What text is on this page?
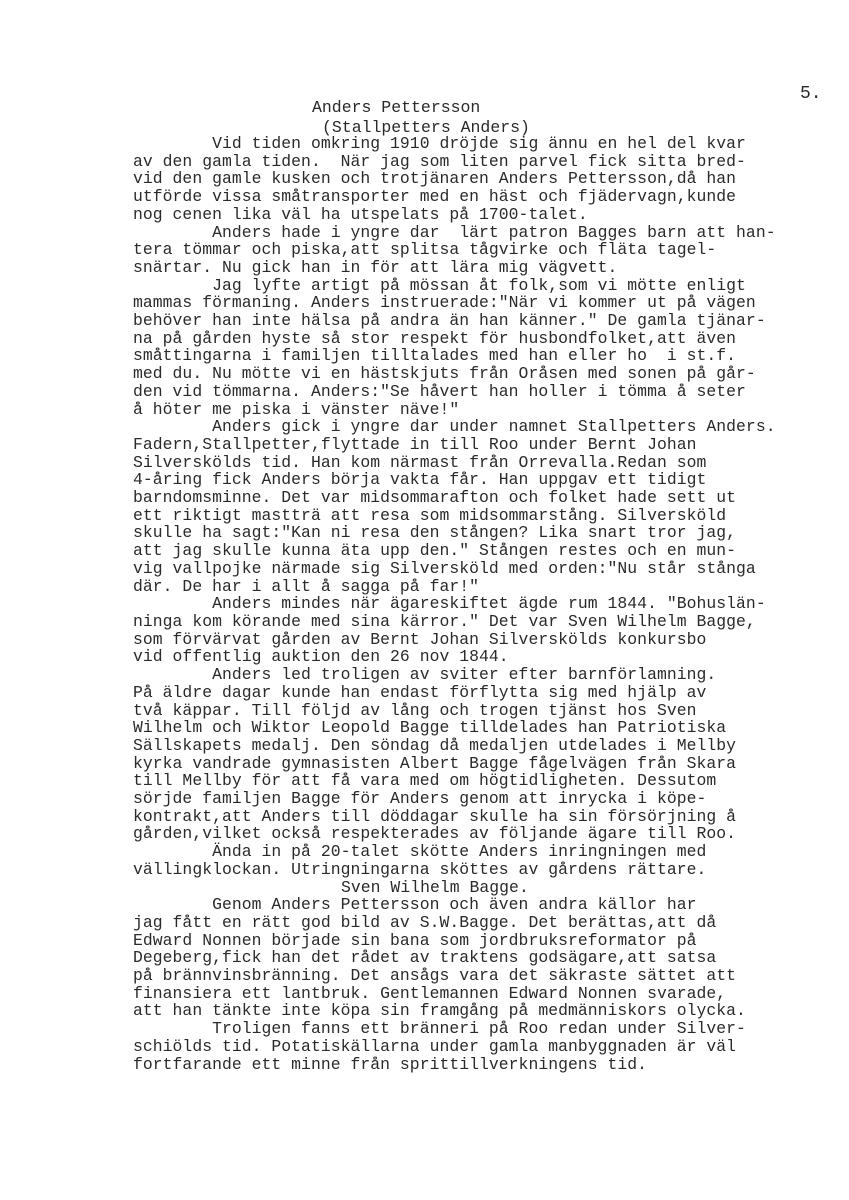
5.
Anders Pettersson
(Stallpetters Anders)
Vid tiden omkring 1910 dröjde sig ännu en hel del kvar
av den gamla tiden.  När jag som liten parvel fick sitta bred-
vid den gamle kusken och trotjänaren Anders Pettersson,då han
utförde vissa småtransporter med en häst och fjädervagn,kunde
nog cenen lika väl ha utspelats på 1700-talet.
Anders hade i yngre dar  lärt patron Bagges barn att han-
tera tömmar och piska,att splitsa tågvirke och fläta tagel-
snärtar. Nu gick han in för att lära mig vägvett.
Jag lyfte artigt på mössan åt folk,som vi mötte enligt
mammas förmaning. Anders instruerade:"När vi kommer ut på vägen
behöver han inte hälsa på andra än han känner." De gamla tjänar-
na på gården hyste så stor respekt för husbondfolket,att även
småttingarna i familjen tilltalades med han eller ho  i st.f.
med du. Nu mötte vi en hästskjuts från Oråsen med sonen på går-
den vid tömmarna. Anders:"Se håvert han holler i tömma å seter
å höter me piska i vänster näve!"
Anders gick i yngre dar under namnet Stallpetters Anders.
Fadern,Stallpetter,flyttade in till Roo under Bernt Johan
Silverskölds tid. Han kom närmast från Orrevalla.Redan som
4-åring fick Anders börja vakta får. Han uppgav ett tidigt
barndomsminne. Det var midsommarafton och folket hade sett ut
ett riktigt mastträ att resa som midsommarstång. Silversköld
skulle ha sagt:"Kan ni resa den stången? Lika snart tror jag,
att jag skulle kunna äta upp den." Stången restes och en mun-
vig vallpojke närmade sig Silversköld med orden:"Nu står stånga
där. De har i allt å sagga på far!"
Anders mindes när ägareskiftet ägde rum 1844. "Bohuslän-
ninga kom körande med sina kärror." Det var Sven Wilhelm Bagge,
som förvärvat gården av Bernt Johan Silverskölds konkursbo
vid offentlig auktion den 26 nov 1844.
Anders led troligen av sviter efter barnförlamning.
På äldre dagar kunde han endast förflytta sig med hjälp av
två käppar. Till följd av lång och trogen tjänst hos Sven
Wilhelm och Wiktor Leopold Bagge tilldelades han Patriotiska
Sällskapets medalj. Den söndag då medaljen utdelades i Mellby
kyrka vandrade gymnasisten Albert Bagge fågelvägen från Skara
till Mellby för att få vara med om högtidligheten. Dessutom
sörjde familjen Bagge för Anders genom att inrycka i köpe-
kontrakt,att Anders till döddagar skulle ha sin försörjning å
gården,vilket också respekterades av följande ägare till Roo.
Ända in på 20-talet skötte Anders inringningen med
vällingklockan. Utringningarna sköttes av gårdens rättare.
Sven Wilhelm Bagge.
Genom Anders Pettersson och även andra källor har
jag fått en rätt god bild av S.W.Bagge. Det berättas,att då
Edward Nonnen började sin bana som jordbruksreformator på
Degeberg,fick han det rådet av traktens godsägare,att satsa
på brännvinsbränning. Det ansågs vara det säkraste sättet att
finansiera ett lantbruk. Gentlemannen Edward Nonnen svarade,
att han tänkte inte köpa sin framgång på medmänniskors olycka.
Troligen fanns ett bränneri på Roo redan under Silver-
schiölds tid. Potatiskällarna under gamla manbyggnaden är väl
fortfarande ett minne från sprittillverkningens tid.
